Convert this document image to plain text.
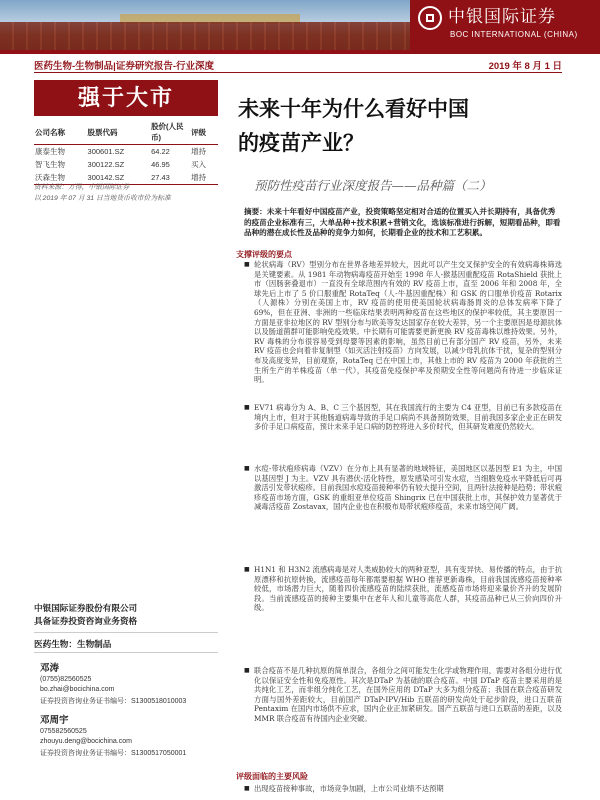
中银国际证券
BOC INTERNATIONAL (CHINA)
医药生物-生物制品|证券研究报告-行业深度	2019 年 8 月 1 日
强于大市
公司名称	股票代码	股价(人民币)	评级
康泰生物	300601.SZ	64.22	增持
智飞生物	300122.SZ	46.95	买入
沃森生物	300142.SZ	27.43	增持
资料来源：万得，中银国际证券
以 2019 年 07 月 31 日当地货币收市价为标准
未来十年为什么看好中国
的疫苗产业？
预防性疫苗行业深度报告——品种篇（二）

摘要：未来十年看好中国疫苗产业，投资策略坚定相对合适的位置买入并长期持有，具备优秀的疫苗企业标准有三，大单品种+技术积累+营销文化，选该标准进行拆解，短期看品种，即看品种的潜在成长性及品种的竞争力如何，长期看企业的技术和工艺积累。

支撑评级的要点
■ 轮状病毒（RV）型别分布在世界各地差异较大，因此可以产生交叉保护安全的有效病毒株筛选是关键要素。从 1981 年动物病毒疫苗开始至 1998 年人-猴基因重配疫苗 RotaShield 获批上市（因肠套叠退市）一直没有全球范围内有效的 RV 疫苗上市，直至 2006 年和 2008 年，全球先后上市了 5 价口服重配 RotaTeq（人-牛基因重配株）和 GSK 的口服单价疫苗 Rotarix（人源株）分别在美国上市，RV 疫苗的使用使美国轮状病毒肠胃炎的总体发病率下降了 69%，但在亚洲、非洲的一些临床结果表明两种疫苗在这些地区的保护率较低，其主要原因一方面是亚非拉地区的 RV 型别分布与欧美等发达国家存在较大差异，另一个主要原因是母源抗体以及肠道菌群可能影响免疫效果。中长期有可能需要更新更换 RV 疫苗毒株以维持效果。另外，RV 毒株的分布很容易受到母婴等因素的影响，虽然目前已有部分国产 RV 疫苗，另外，未来 RV 疫苗也会向着非复制型（如灭活注射疫苗）方向发展，以减少母乳抗体干扰，复杂的型别分布及高度变异，目前观察，RotaTeq 已在中国上市，其他上市的 RV 疫苗为 2000 年获批的兰生所生产的羊株疫苗（单一代），其疫苗免疫保护率及预期安全性等问题尚有待进一步临床证明。
■ EV71 病毒分为 A、B、C 三个基因型，其在我国流行的主要为 C4 亚型，目前已有多款疫苗在境内上市，但对于其他肠道病毒导致的手足口病尚不具备预防效果，目前我国多家企业正在研发多价手足口病疫苗，预计未来手足口病的防控将进入多价时代，但其研发难度仍然较大。
■ 水痘-带状疱疹病毒（VZV）在分布上具有显著的地域特征，美国地区以基因型 E1 为主，中国以基因型 J 为主。VZV 具有潜伏-活化特性，原发感染可引发水痘，当细胞免疫水平降低后可再激活引发带状疱疹。目前我国水痘疫苗接种率仍有较大提升空间，且两针法接种是趋势；带状疱疹疫苗市场方面，GSK 的重组亚单位疫苗 Shingrix 已在中国获批上市，其保护效力显著优于减毒活疫苗 Zostavax，国内企业也在积极布局带状疱疹疫苗，未来市场空间广阔。
■ H1N1 和 H3N2 流感病毒是对人类威胁较大的两种亚型，具有变异快、易传播的特点，由于抗原漂移和抗原转换，流感疫苗每年都需要根据 WHO 推荐更新毒株，目前我国流感疫苗接种率较低，市场潜力巨大，随着四价流感疫苗的陆续获批，流感疫苗市场将迎来量价齐升的发展阶段。当前流感疫苗的接种主要集中在老年人和儿童等高危人群，其疫苗品种已从三价向四价升级。
■ 联合疫苗不是几种抗原的简单混合，各组分之间可能发生化学或物理作用，需要对各组分进行优化以保证安全性和免疫原性。其次是DTaP 为基础的联合疫苗。中国 DTaP 疫苗主要采用的是共纯化工艺，而非组分纯化工艺，在国外应用的 DTaP 大多为组分疫苗；我国在联合疫苗研发方面与国外差距较大，目前国产 DTaP-IPV/Hib 五联苗的研发尚处于起步阶段，进口五联苗 Pentaxim 在国内市场供不应求，国内企业正加紧研发。国产五联苗与进口五联苗的差距，以及 MMR 联合疫苗有待国内企业突破。
评级面临的主要风险

■ 出现疫苗接种事故，市场竞争加剧，上市公司业绩不达预期

中银国际证券股份有限公司
具备证券投资咨询业务资格
医药生物：生物制品
邓涛
(0755)82560525
bo.zhai@bocichina.com
证券投资咨询业务证书编号：S1300518010003
邓周宇
075582560525
zhouyu.deng@bocichina.com
证券投资咨询业务证书编号：S1300517050001
